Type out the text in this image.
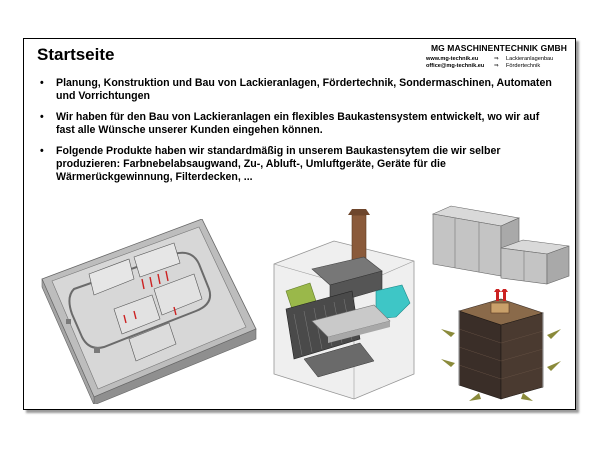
Startseite	MG MASCHINENTECHNIK GMBH
www.mg-technik.eu
office@mg-technik.eu
⇒ Lackieranlagenbau
⇒ Fördertechnik
• Planung, Konstruktion und Bau von Lackieranlagen, Fördertechnik, Sondermaschinen, Automaten und Vorrichtungen
• Wir haben für den Bau von Lackieranlagen ein flexibles Baukastensystem entwickelt, wo wir auf fast alle Wünsche unserer Kunden eingehen können.
• Folgende Produkte haben wir standardmäßig in unserem Baukastensytem die wir selber produzieren: Farbnebelabsaugwand, Zu-, Abluft-, Umluftgeräte, Geräte für die Wärmerückgewinnung, Filterdecken, ...
